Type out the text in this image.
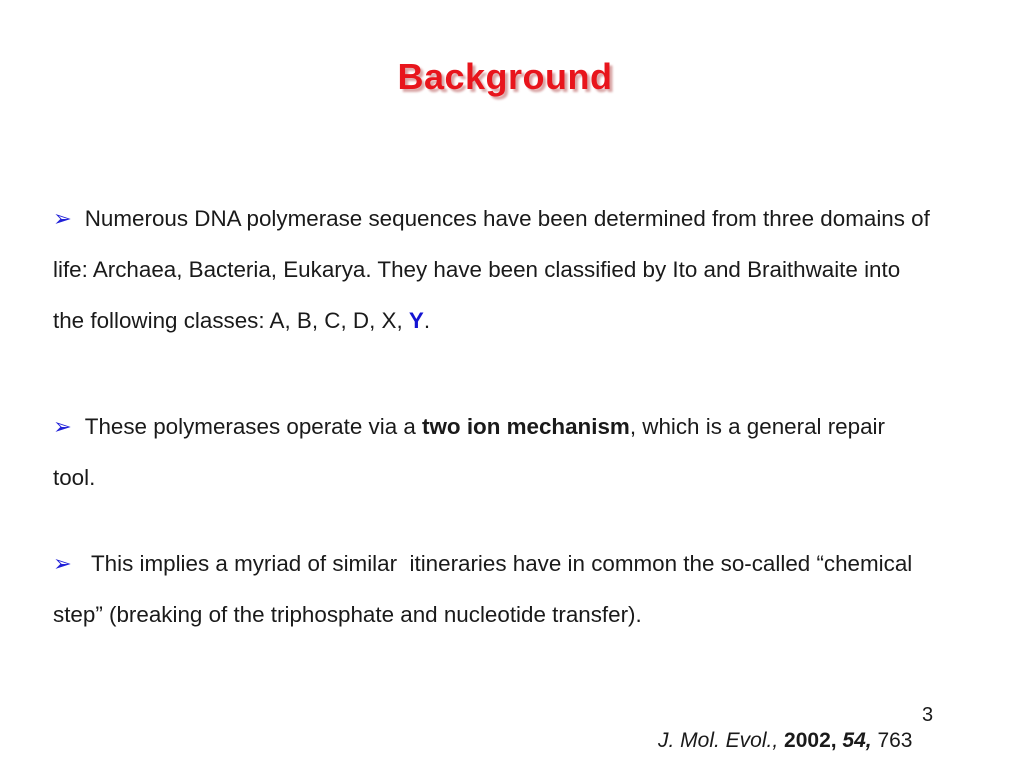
Background

➢ Numerous DNA polymerase sequences have been determined from three domains of life: Archaea, Bacteria, Eukarya. They have been classified by Ito and Braithwaite into the following classes: A, B, C, D, X, Y.

➢ These polymerases operate via a two ion mechanism, which is a general repair tool.

➢ This implies a myriad of similar  itineraries have in common the so-called “chemical step” (breaking of the triphosphate and nucleotide transfer).

3
J. Mol. Evol., 2002, 54, 763
